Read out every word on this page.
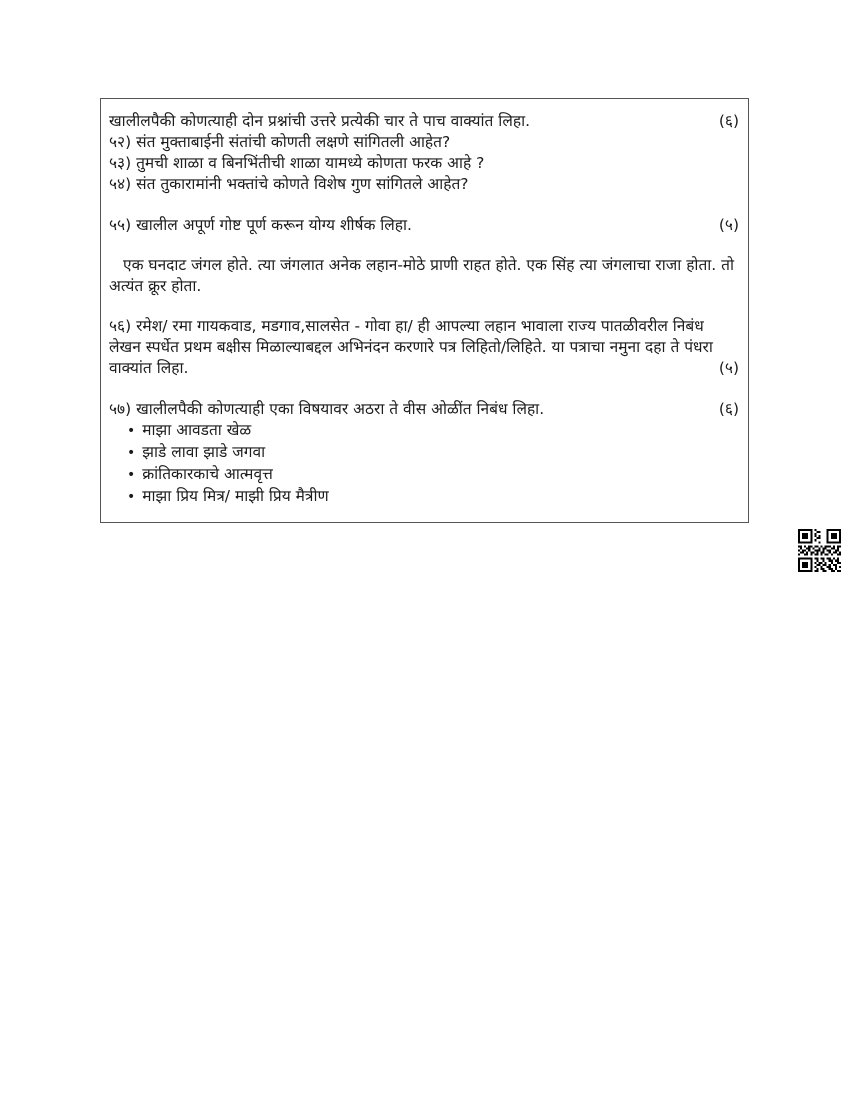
खालीलपैकी कोणत्याही दोन प्रश्नांची उत्तरे प्रत्येकी चार ते पाच वाक्यांत लिहा.	(६)

५२) संत मुक्ताबाईनी संतांची कोणती लक्षणे सांगितली आहेत?

५३) तुमची शाळा व बिनभिंतीची शाळा यामध्ये कोणता फरक आहे ?

५४) संत तुकारामांनी भक्तांचे कोणते विशेष गुण सांगितले आहेत?

५५) खालील अपूर्ण गोष्ट पूर्ण करून योग्य शीर्षक लिहा.	(५)

एक घनदाट जंगल होते. त्या जंगलात अनेक लहान-मोठे प्राणी राहत होते. एक सिंह त्या जंगलाचा राजा होता. तो अत्यंत क्रूर होता.

५६) रमेश/ रमा गायकवाड, मडगाव,सालसेत - गोवा हा/ ही आपल्या लहान भावाला राज्य पातळीवरील निबंध लेखन स्पर्धेत प्रथम बक्षीस मिळाल्याबद्दल अभिनंदन करणारे पत्र लिहितो/लिहिते. या पत्राचा नमुना दहा ते पंधरा वाक्यांत लिहा.	(५)
५७) खालीलपैकी कोणत्याही एका विषयावर अठरा ते वीस ओळींत निबंध लिहा.	(६)
• माझा आवडता खेळ
• झाडे लावा झाडे जगवा
• क्रांतिकारकाचे आत्मवृत्त
• माझा प्रिय मित्र/ माझी प्रिय मैत्रीण
